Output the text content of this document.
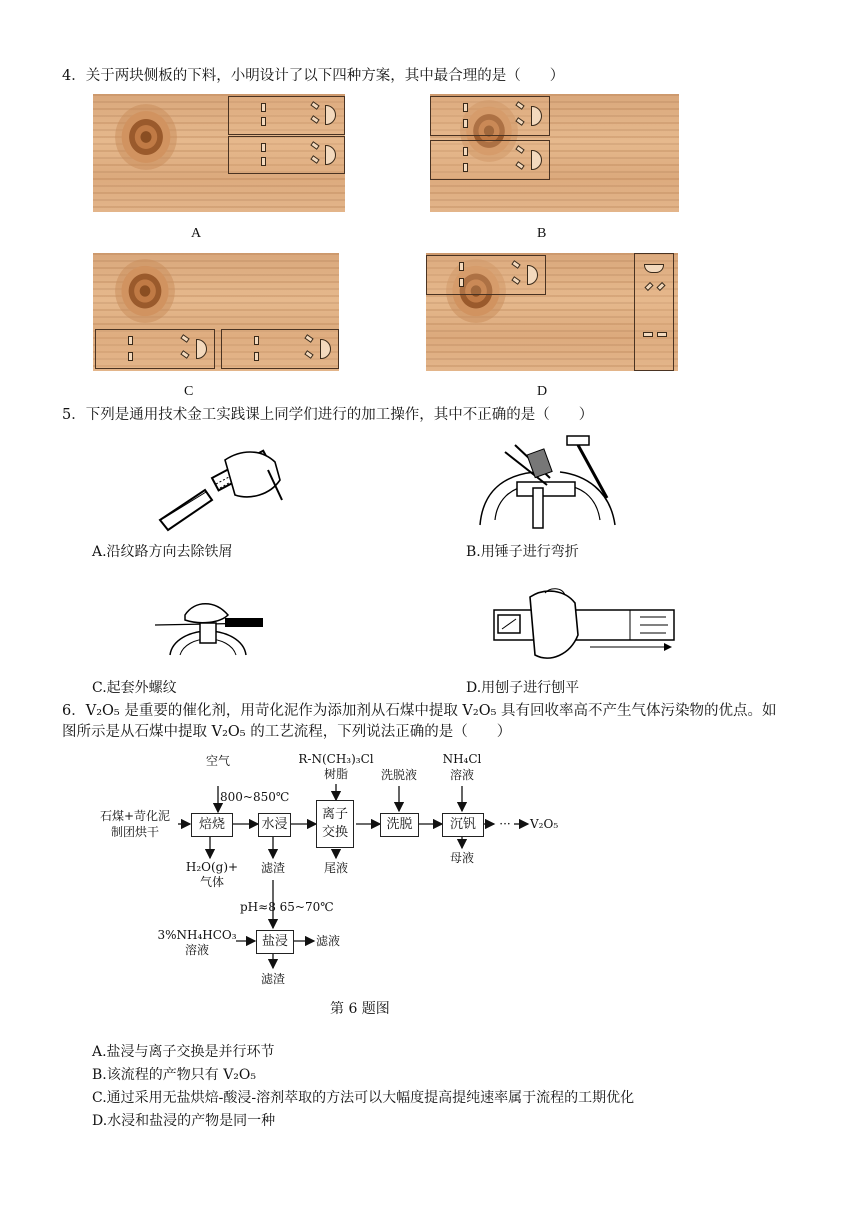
4．关于两块侧板的下料，小明设计了以下四种方案，其中最合理的是（　　）
A	B
C	D
5．下列是通用技术金工实践课上同学们进行的加工操作，其中不正确的是（　　）
A.沿纹路方向去除铁屑	B.用锤子进行弯折
C.起套外螺纹	D.用刨子进行刨平
6．V₂O₅ 是重要的催化剂，用苛化泥作为添加剂从石煤中提取 V₂O₅ 具有回收率高不产生气体污染物的优点。如
图所示是从石煤中提取 V₂O₅ 的工艺流程，下列说法正确的是（　　）
空气
800~850℃
石煤+苛化泥
制团烘干	焙烧	水浸
R-N(CH₃)₃Cl
树脂
离子
交换
洗脱液
洗脱
NH₄Cl
溶液
沉钒	···	V₂O₅
H₂O(g)+
气体
滤渣	尾液
母液
pH≈8 65~70℃
3%NH₄HCO₃
溶液
盐浸	滤液
滤渣
第 6 题图
A.盐浸与离子交换是并行环节
B.该流程的产物只有 V₂O₅
C.通过采用无盐烘焙-酸浸-溶剂萃取的方法可以大幅度提高提纯速率属于流程的工期优化
D.水浸和盐浸的产物是同一种
